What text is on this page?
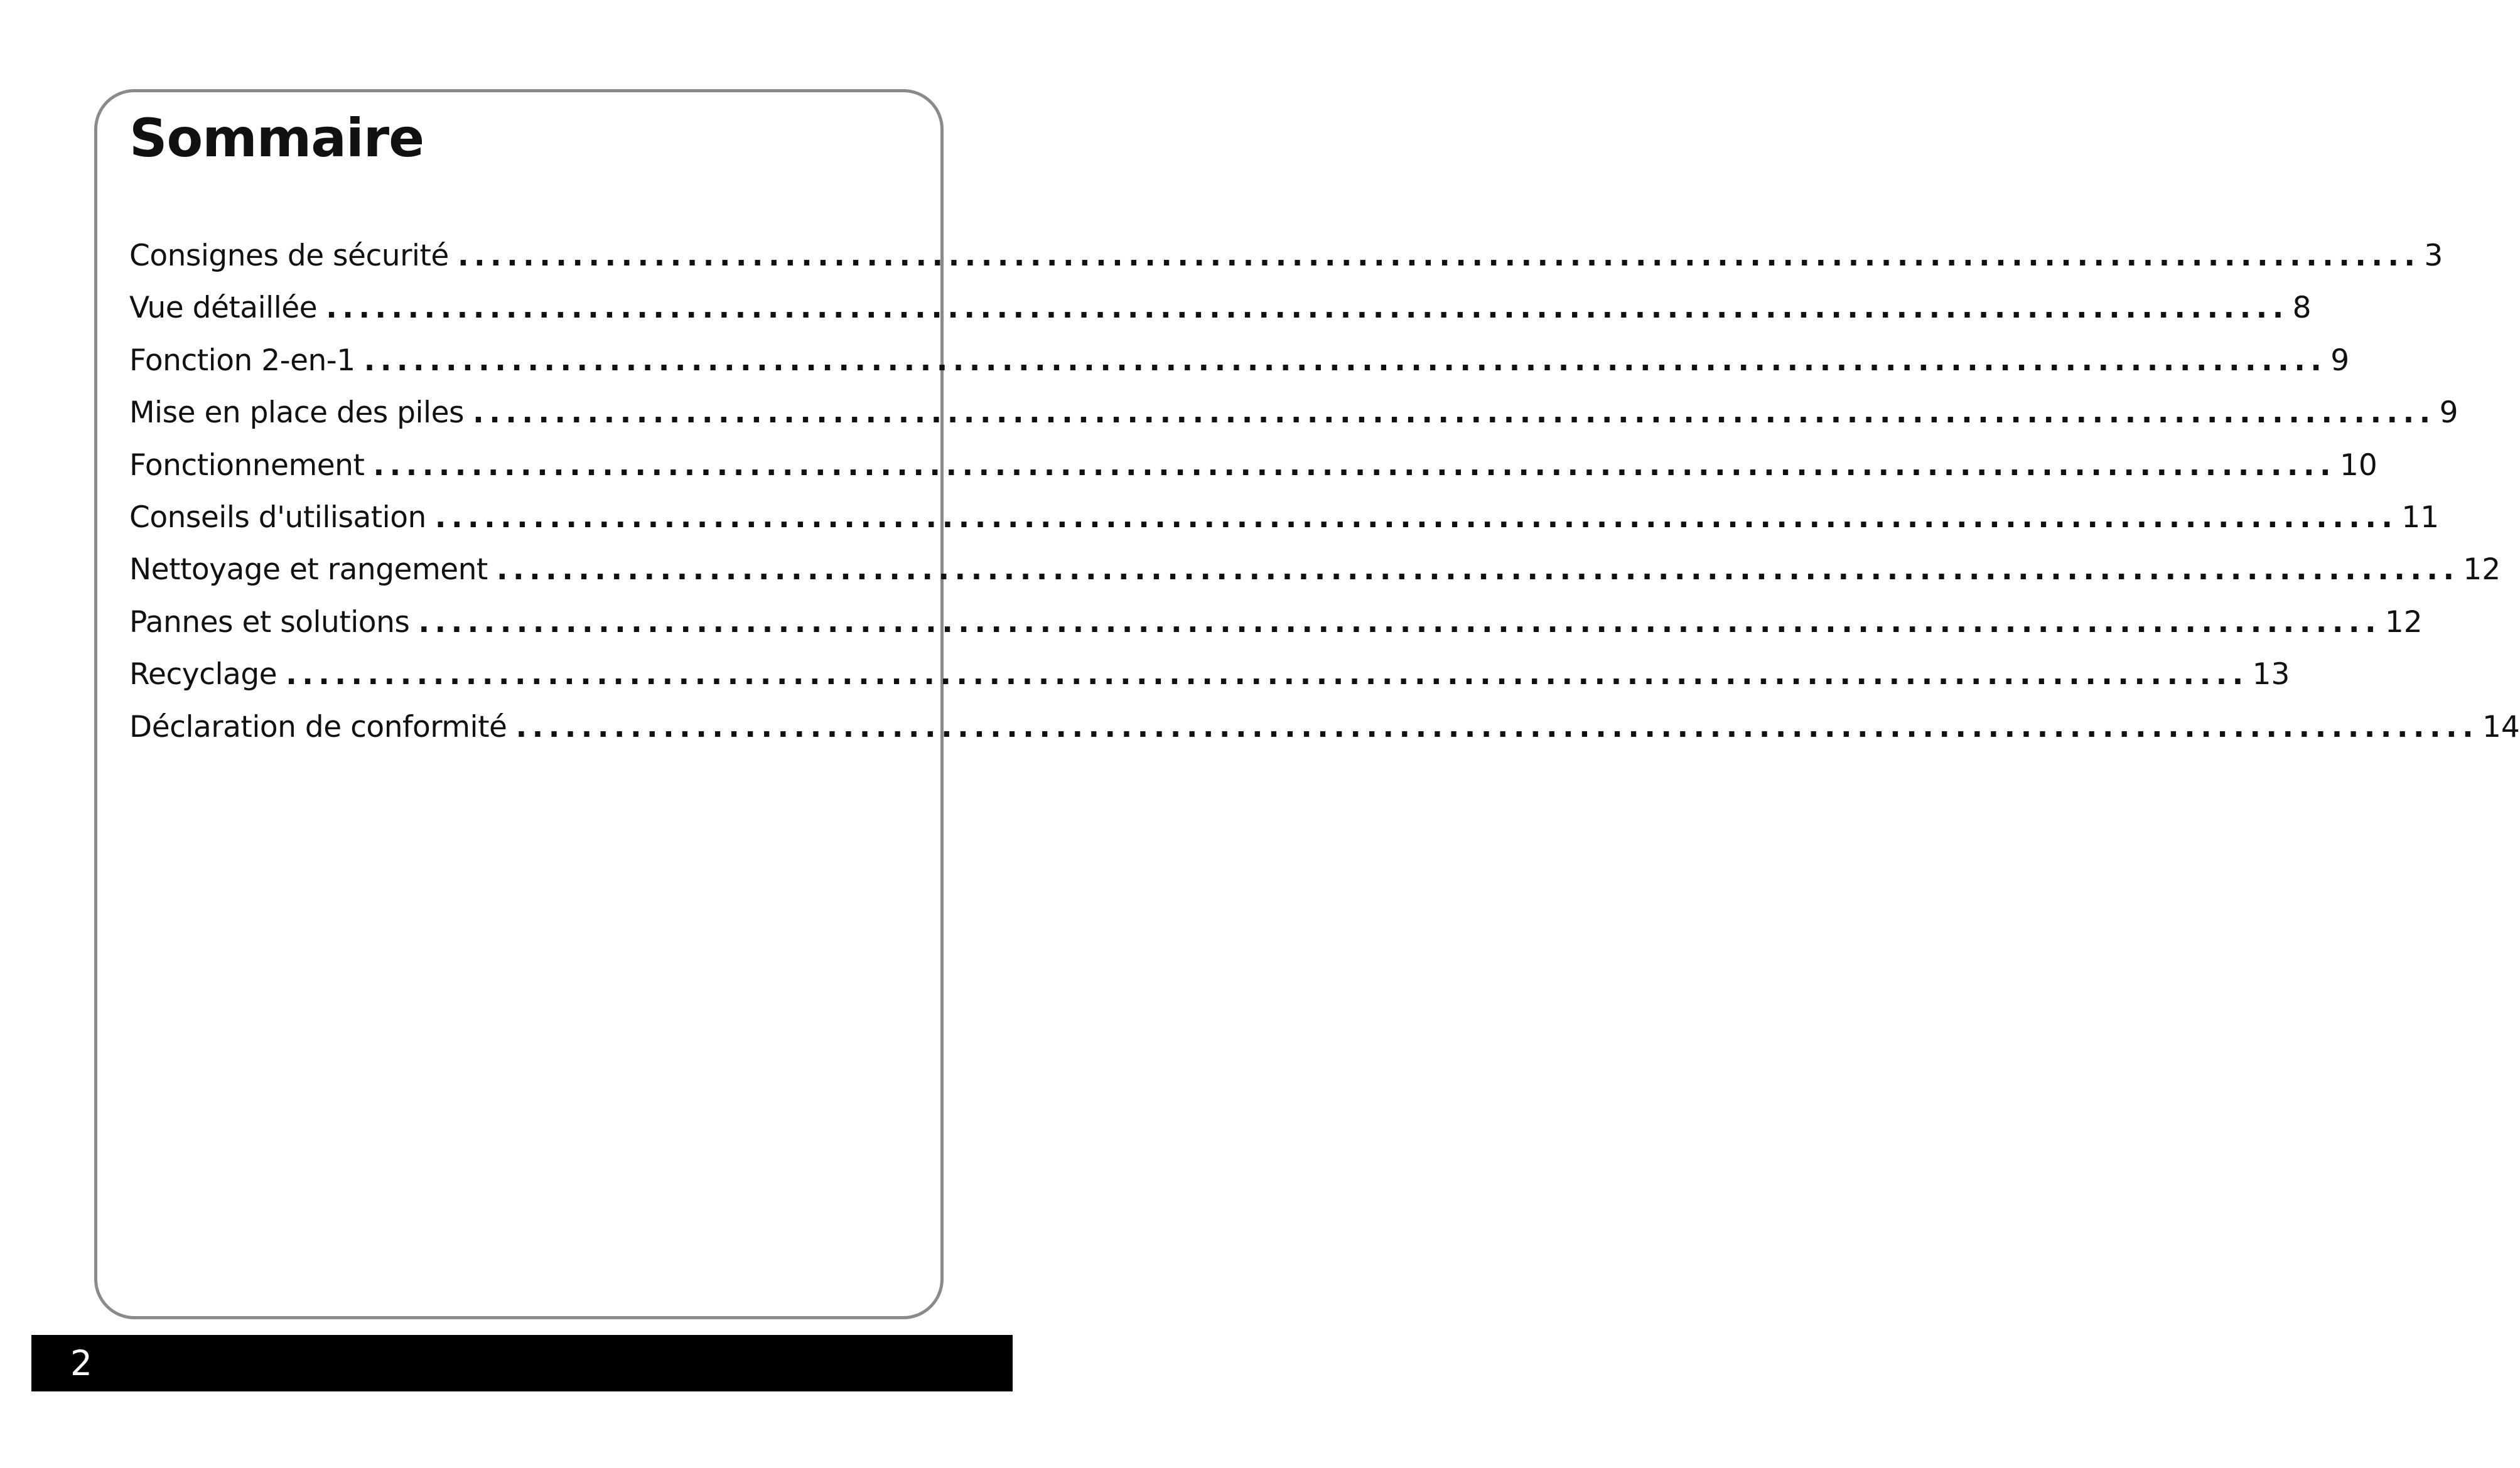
Sommaire
Consignes de sécurité ........................................................................................................................ 3
Vue détaillée ........................................................................................................................ 8
Fonction 2-en-1 ........................................................................................................................ 9
Mise en place des piles ........................................................................................................................ 9
Fonctionnement ........................................................................................................................ 10
Conseils d'utilisation ........................................................................................................................ 11
Nettoyage et rangement ........................................................................................................................ 12
Pannes et solutions ........................................................................................................................ 12
Recyclage ........................................................................................................................ 13
Déclaration de conformité ........................................................................................................................ 14
2
